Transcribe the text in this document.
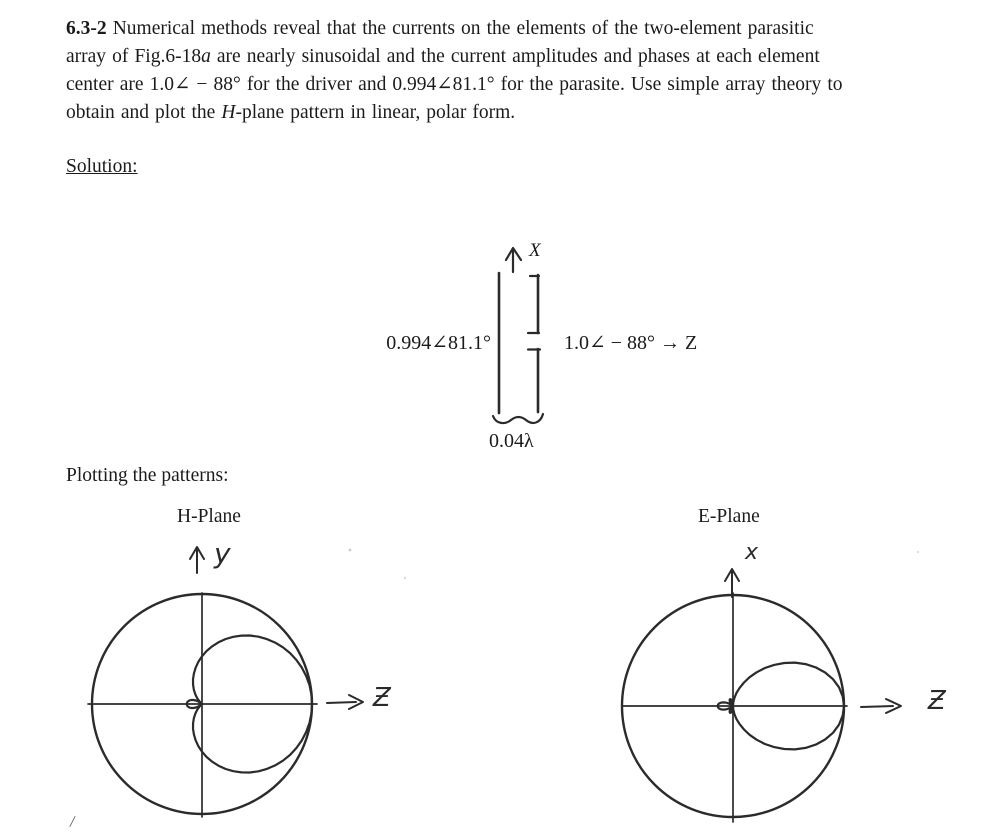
6.3-2 Numerical methods reveal that the currents on the elements of the two-element parasitic
array of Fig.6-18a are nearly sinusoidal and the current amplitudes and phases at each element
center are 1.0∠ − 88° for the driver and 0.994∠81.1° for the parasite. Use simple array theory to
obtain and plot the H-plane pattern in linear, polar form.
Solution:
X
0.994∠81.1°	1.0∠ − 88° → Z
0.04λ
Plotting the patterns:
H-Plane	E-Plane
y
Ƶ
x
Ƶ
/
